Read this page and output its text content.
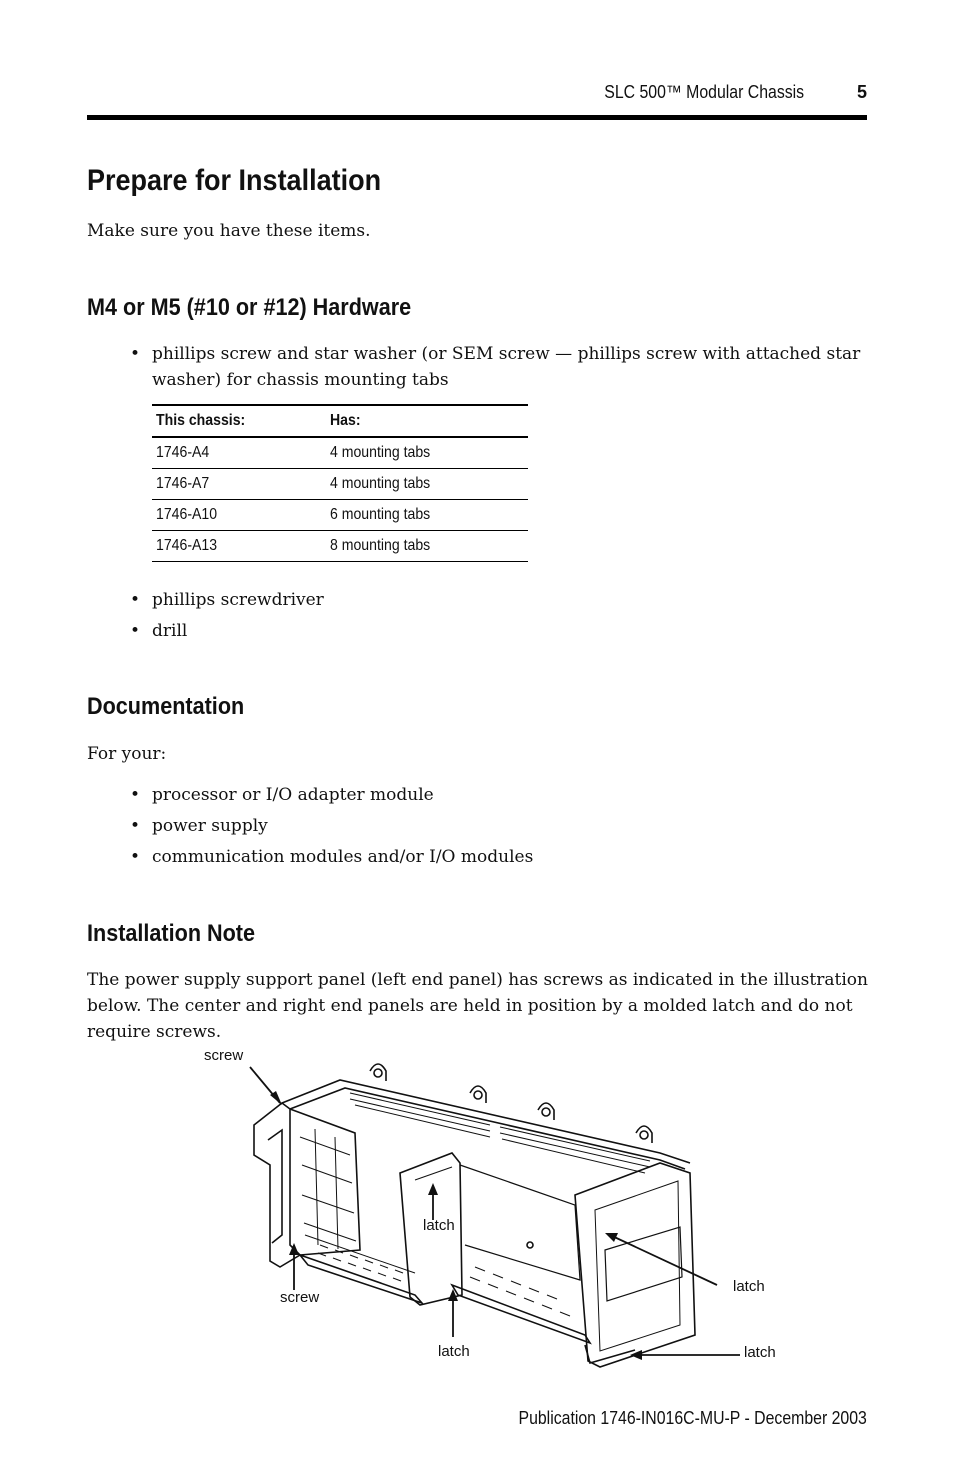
SLC 500™ Modular Chassis	5
Prepare for Installation

Make sure you have these items.

M4 or M5 (#10 or #12) Hardware
• phillips screw and star washer (or SEM screw — phillips screw with attached star washer) for chassis mounting tabs
This chassis:	Has:
1746-A4	4 mounting tabs
1746-A7	4 mounting tabs
1746-A10	6 mounting tabs
1746-A13	8 mounting tabs
• phillips screwdriver
• drill
Documentation

For your:

• processor or I/O adapter module
• power supply
• communication modules and/or I/O modules
Installation Note

The power supply support panel (left end panel) has screws as indicated in the illustration below. The center and right end panels are held in position by a molded latch and do not require screws.

screw
screw
latch
latch
latch
latch
Publication 1746-IN016C-MU-P - December 2003
